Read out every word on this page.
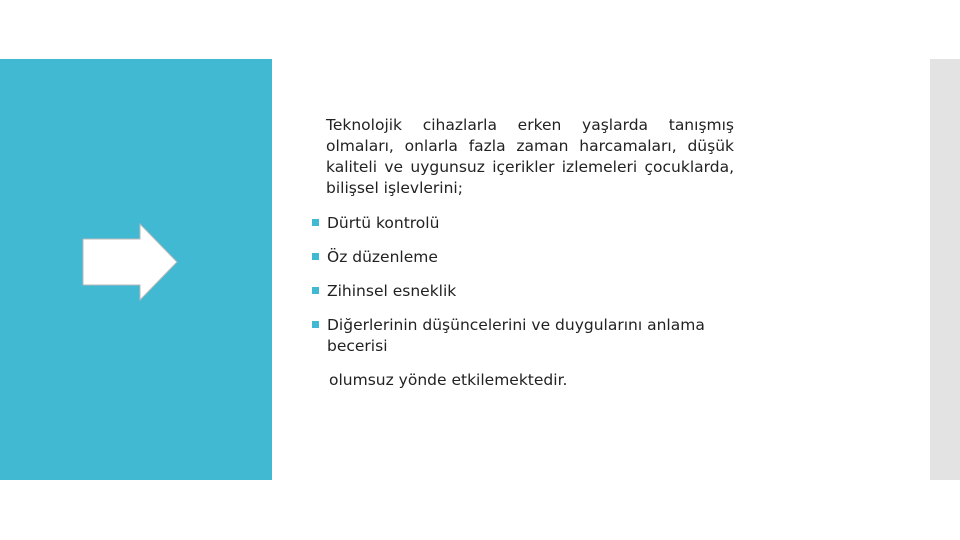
Teknolojik cihazlarla erken yaşlarda tanışmış olmaları, onlarla fazla zaman harcamaları, düşük kaliteli ve uygunsuz içerikler izlemeleri çocuklarda, bilişsel işlevlerini;

Dürtü kontrolü
Öz düzenleme
Zihinsel esneklik
Diğerlerinin düşüncelerini ve duygularını anlama becerisi

olumsuz yönde etkilemektedir.
